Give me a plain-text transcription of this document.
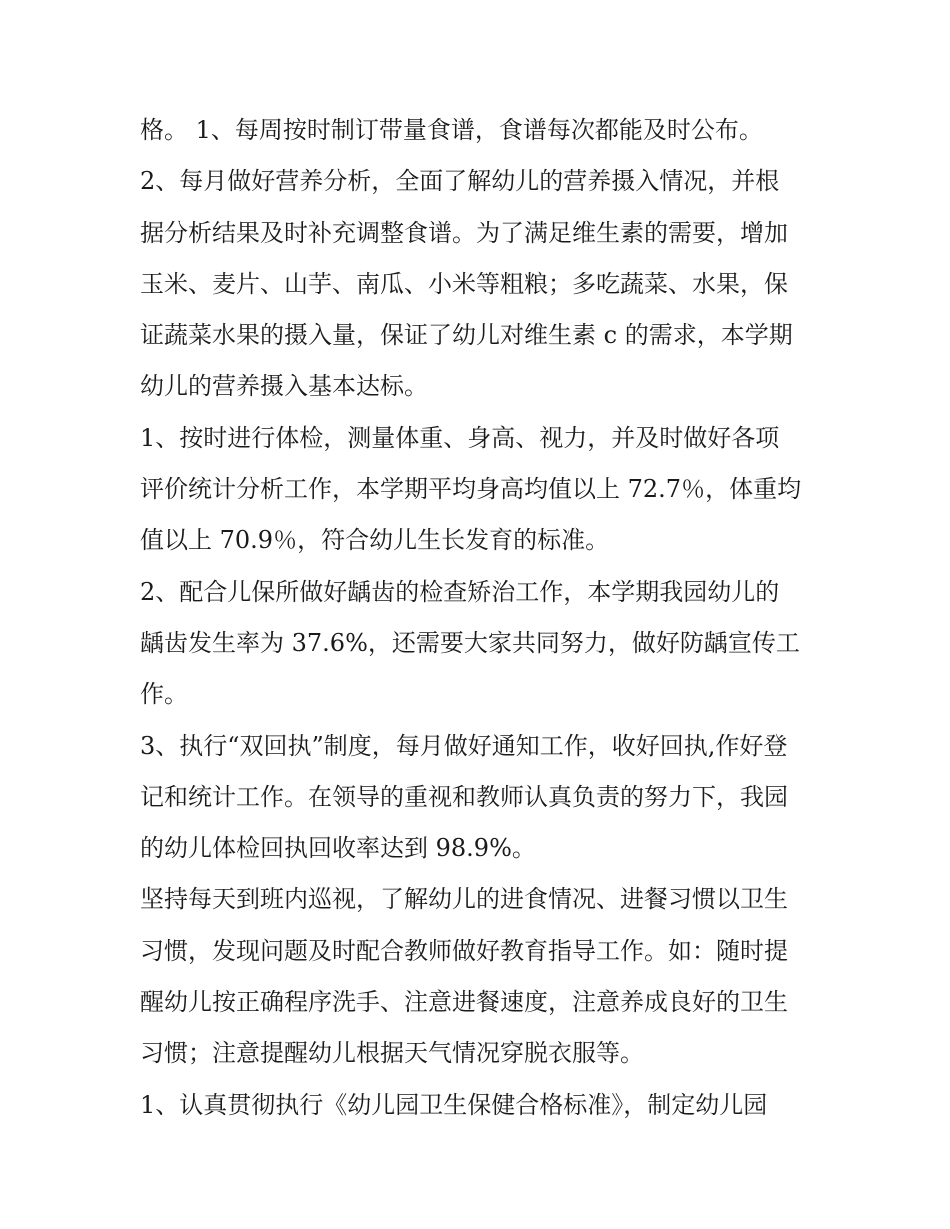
格。 1、每周按时制订带量食谱，食谱每次都能及时公布。
2、每月做好营养分析，全面了解幼儿的营养摄入情况，并根
据分析结果及时补充调整食谱。为了满足维生素的需要，增加
玉米、麦片、山芋、南瓜、小米等粗粮；多吃蔬菜、水果，保
证蔬菜水果的摄入量，保证了幼儿对维生素 c 的需求，本学期
幼儿的营养摄入基本达标。
1、按时进行体检，测量体重、身高、视力，并及时做好各项
评价统计分析工作，本学期平均身高均值以上 72.7％，体重均
值以上 70.9％，符合幼儿生长发育的标准。
2、配合儿保所做好龋齿的检查矫治工作，本学期我园幼儿的
龋齿发生率为 37.6%，还需要大家共同努力，做好防龋宣传工
作。
3、执行“双回执”制度，每月做好通知工作，收好回执,作好登
记和统计工作。在领导的重视和教师认真负责的努力下，我园
的幼儿体检回执回收率达到 98.9%。
坚持每天到班内巡视，了解幼儿的进食情况、进餐习惯以卫生
习惯，发现问题及时配合教师做好教育指导工作。如：随时提
醒幼儿按正确程序洗手、注意进餐速度，注意养成良好的卫生
习惯；注意提醒幼儿根据天气情况穿脱衣服等。
1、认真贯彻执行《幼儿园卫生保健合格标准》，制定幼儿园
